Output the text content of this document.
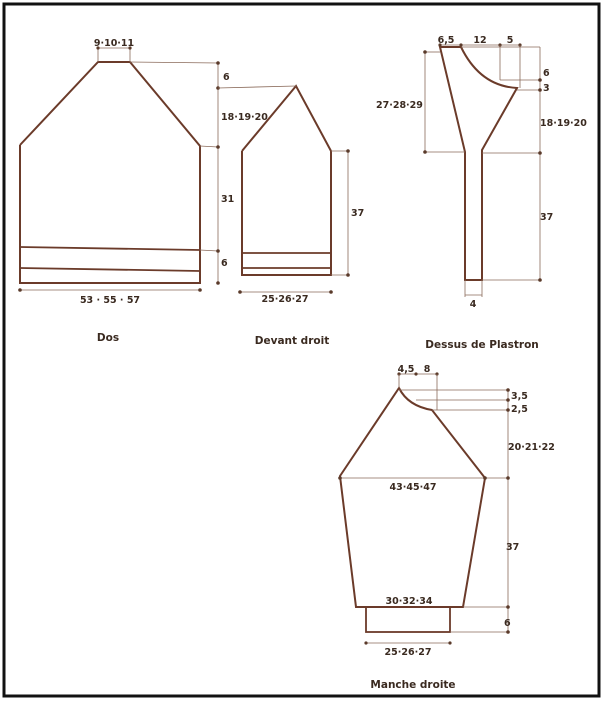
9·10·11
6
18·19·20
31
6
53 · 55 · 57
Dos
37
25·26·27
Devant droit
6,5 12 5
6
3
27·28·29
18·19·20
37
4
Dessus de Plastron
4,5 8
3,5
2,5
20·21·22
43·45·47
37
30·32·34
6
25·26·27
Manche droite
